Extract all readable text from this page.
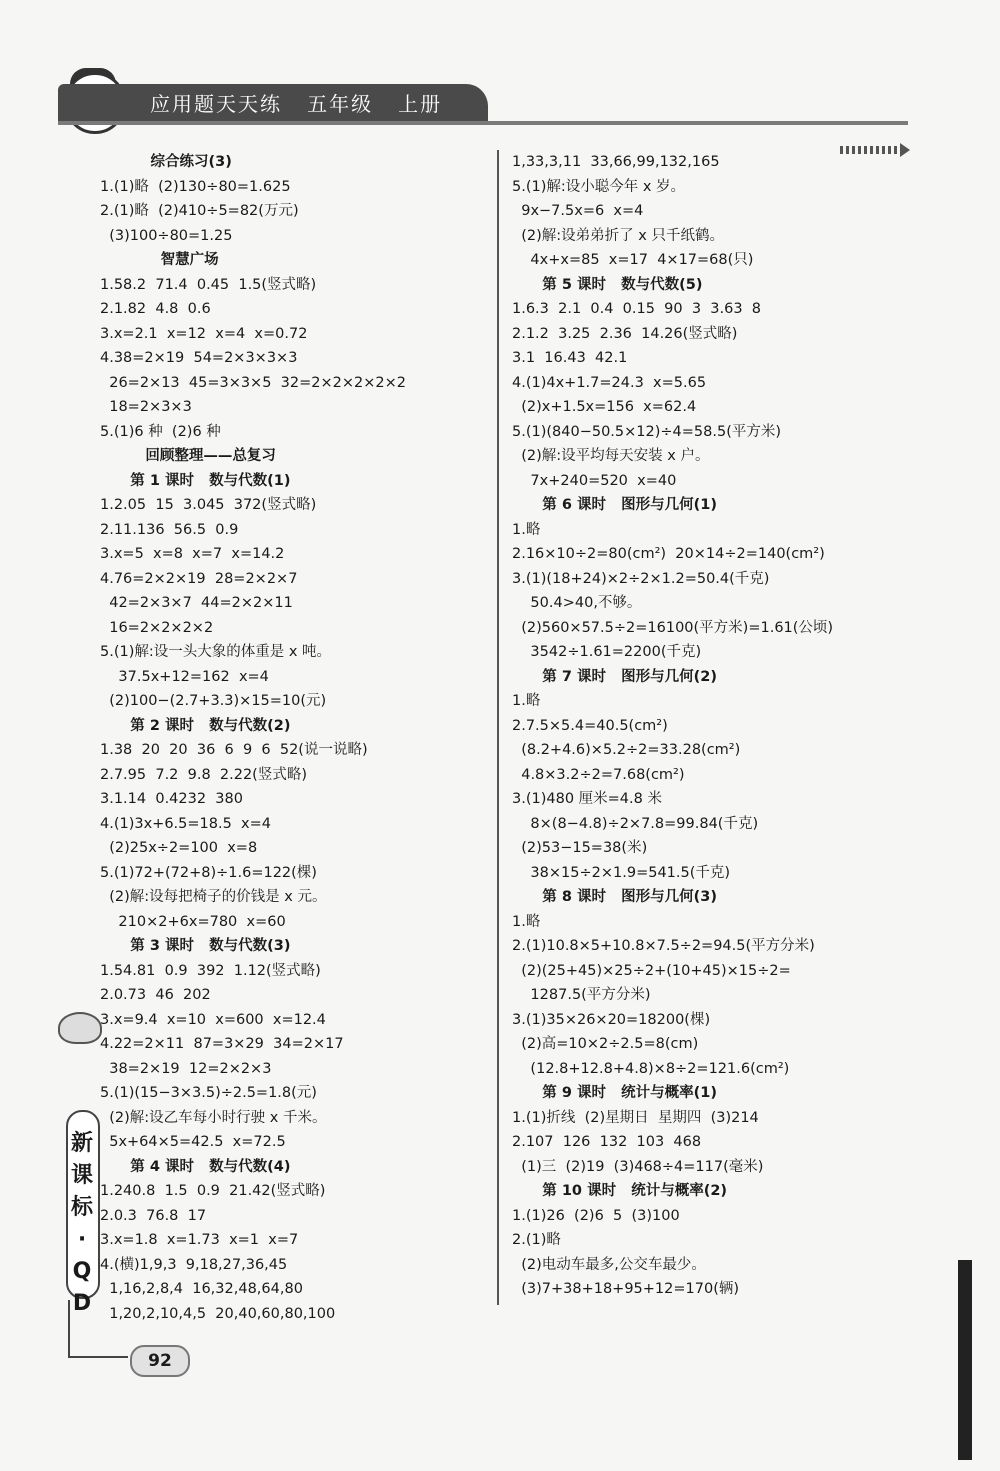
应用题天天练   五年级   上册
综合练习(3)
1.(1)略  (2)130÷80=1.625
2.(1)略  (2)410÷5=82(万元)
(3)100÷80=1.25
智慧广场
1.58.2  71.4  0.45  1.5(竖式略)
2.1.82  4.8  0.6
3.x=2.1  x=12  x=4  x=0.72
4.38=2×19  54=2×3×3×3
26=2×13  45=3×3×5  32=2×2×2×2×2
18=2×3×3
5.(1)6 种  (2)6 种
回顾整理——总复习
第 1 课时   数与代数(1)
1.2.05  15  3.045  372(竖式略)
2.11.136  56.5  0.9
3.x=5  x=8  x=7  x=14.2
4.76=2×2×19  28=2×2×7
42=2×3×7  44=2×2×11
16=2×2×2×2
5.(1)解:设一头大象的体重是 x 吨。
37.5x+12=162  x=4
(2)100−(2.7+3.3)×15=10(元)
第 2 课时   数与代数(2)
1.38  20  20  36  6  9  6  52(说一说略)
2.7.95  7.2  9.8  2.22(竖式略)
3.1.14  0.4232  380
4.(1)3x+6.5=18.5  x=4
(2)25x÷2=100  x=8
5.(1)72+(72+8)÷1.6=122(棵)
(2)解:设每把椅子的价钱是 x 元。
210×2+6x=780  x=60
第 3 课时   数与代数(3)
1.54.81  0.9  392  1.12(竖式略)
2.0.73  46  202
3.x=9.4  x=10  x=600  x=12.4
4.22=2×11  87=3×29  34=2×17
38=2×19  12=2×2×3
5.(1)(15−3×3.5)÷2.5=1.8(元)
(2)解:设乙车每小时行驶 x 千米。
5x+64×5=42.5  x=72.5
第 4 课时   数与代数(4)
1.240.8  1.5  0.9  21.42(竖式略)
2.0.3  76.8  17
3.x=1.8  x=1.73  x=1  x=7
4.(横)1,9,3  9,18,27,36,45
1,16,2,8,4  16,32,48,64,80
1,20,2,10,4,5  20,40,60,80,100
1,33,3,11  33,66,99,132,165
5.(1)解:设小聪今年 x 岁。
9x−7.5x=6  x=4
(2)解:设弟弟折了 x 只千纸鹤。
4x+x=85  x=17  4×17=68(只)
第 5 课时   数与代数(5)
1.6.3  2.1  0.4  0.15  90  3  3.63  8
2.1.2  3.25  2.36  14.26(竖式略)
3.1  16.43  42.1
4.(1)4x+1.7=24.3  x=5.65
(2)x+1.5x=156  x=62.4
5.(1)(840−50.5×12)÷4=58.5(平方米)
(2)解:设平均每天安装 x 户。
7x+240=520  x=40
第 6 课时   图形与几何(1)
1.略
2.16×10÷2=80(cm²)  20×14÷2=140(cm²)
3.(1)(18+24)×2÷2×1.2=50.4(千克)
50.4>40,不够。
(2)560×57.5÷2=16100(平方米)=1.61(公顷)
3542÷1.61=2200(千克)
第 7 课时   图形与几何(2)
1.略
2.7.5×5.4=40.5(cm²)
(8.2+4.6)×5.2÷2=33.28(cm²)
4.8×3.2÷2=7.68(cm²)
3.(1)480 厘米=4.8 米
8×(8−4.8)÷2×7.8=99.84(千克)
(2)53−15=38(米)
38×15÷2×1.9=541.5(千克)
第 8 课时   图形与几何(3)
1.略
2.(1)10.8×5+10.8×7.5÷2=94.5(平方分米)
(2)(25+45)×25÷2+(10+45)×15÷2=
1287.5(平方分米)
3.(1)35×26×20=18200(棵)
(2)高=10×2÷2.5=8(cm)
(12.8+12.8+4.8)×8÷2=121.6(cm²)
第 9 课时   统计与概率(1)
1.(1)折线  (2)星期日  星期四  (3)214
2.107  126  132  103  468
(1)三  (2)19  (3)468÷4=117(毫米)
第 10 课时   统计与概率(2)
1.(1)26  (2)6  5  (3)100
2.(1)略
(2)电动车最多,公交车最少。
(3)7+38+18+95+12=170(辆)
新课标·QD
92
